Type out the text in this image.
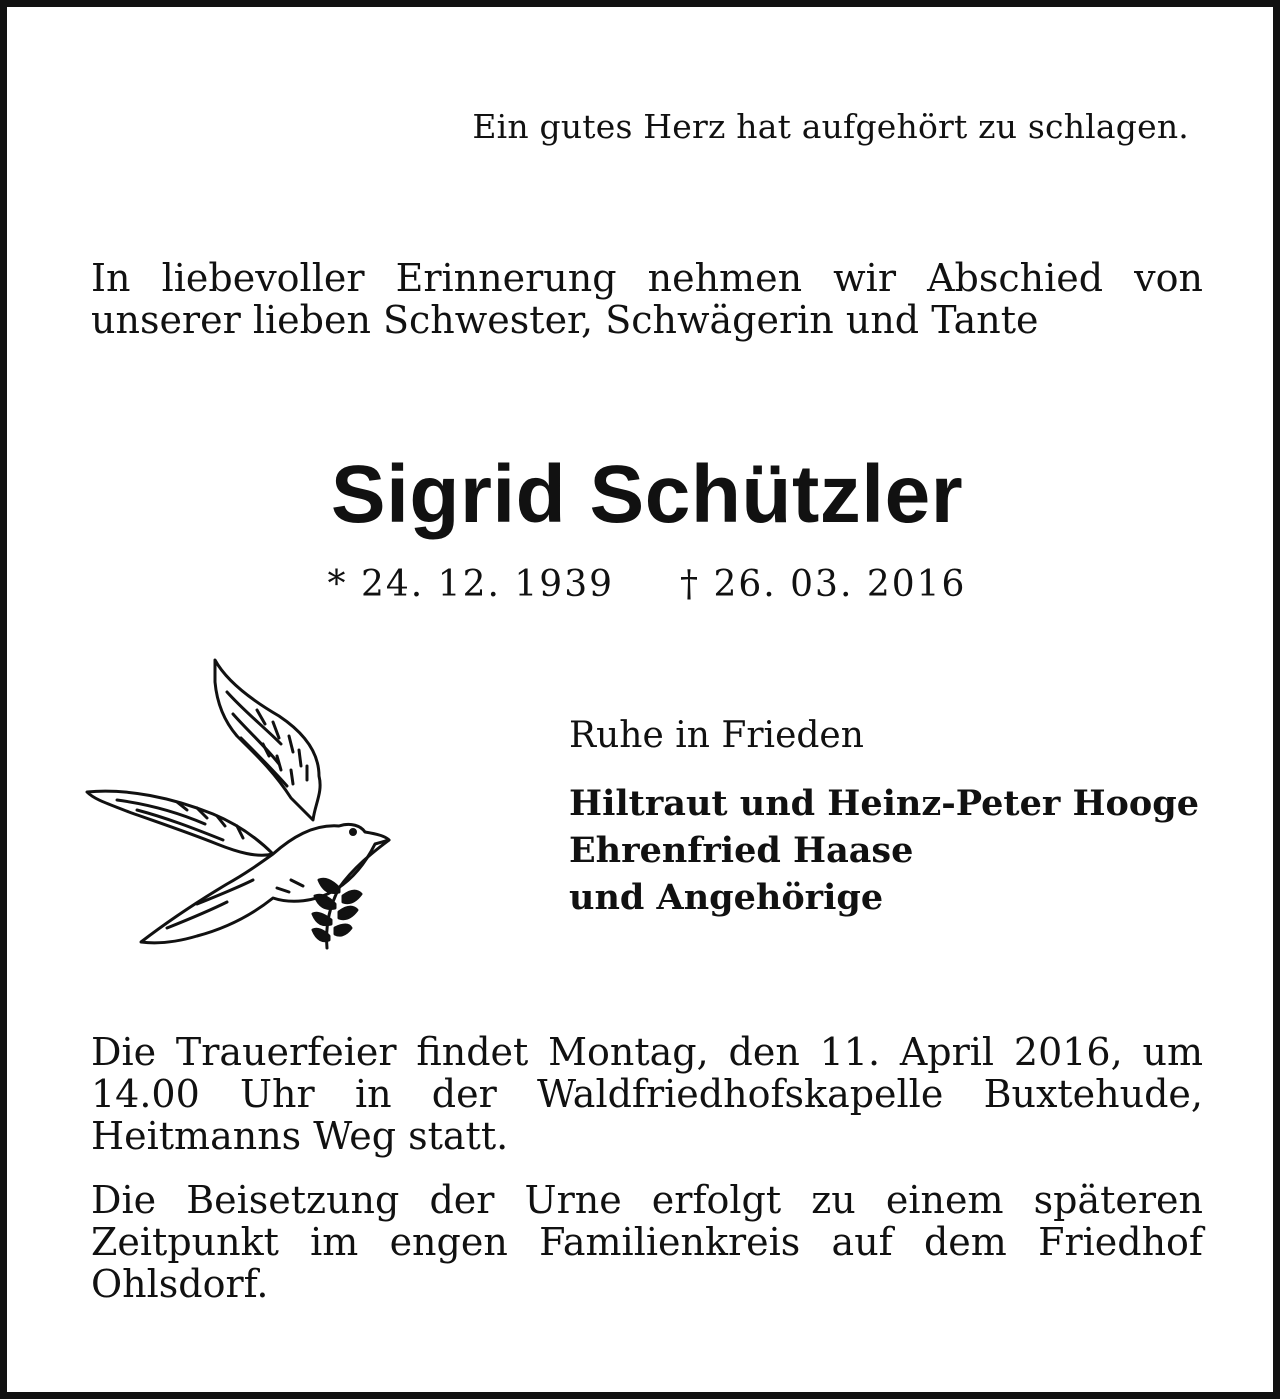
Ein gutes Herz hat aufgehört zu schlagen.
In liebevoller Erinnerung nehmen wir Abschied von
unserer lieben Schwester, Schwägerin und Tante
Sigrid Schützler
* 24. 12. 1939 † 26. 03. 2016
Ruhe in Frieden
Hiltraut und Heinz-Peter Hooge
Ehrenfried Haase
und Angehörige
Die Trauerfeier findet Montag, den 11. April 2016, um
14.00 Uhr in der Waldfriedhofskapelle Buxtehude,
Heitmanns Weg statt.
Die Beisetzung der Urne erfolgt zu einem späteren
Zeitpunkt im engen Familienkreis auf dem Friedhof
Ohlsdorf.
